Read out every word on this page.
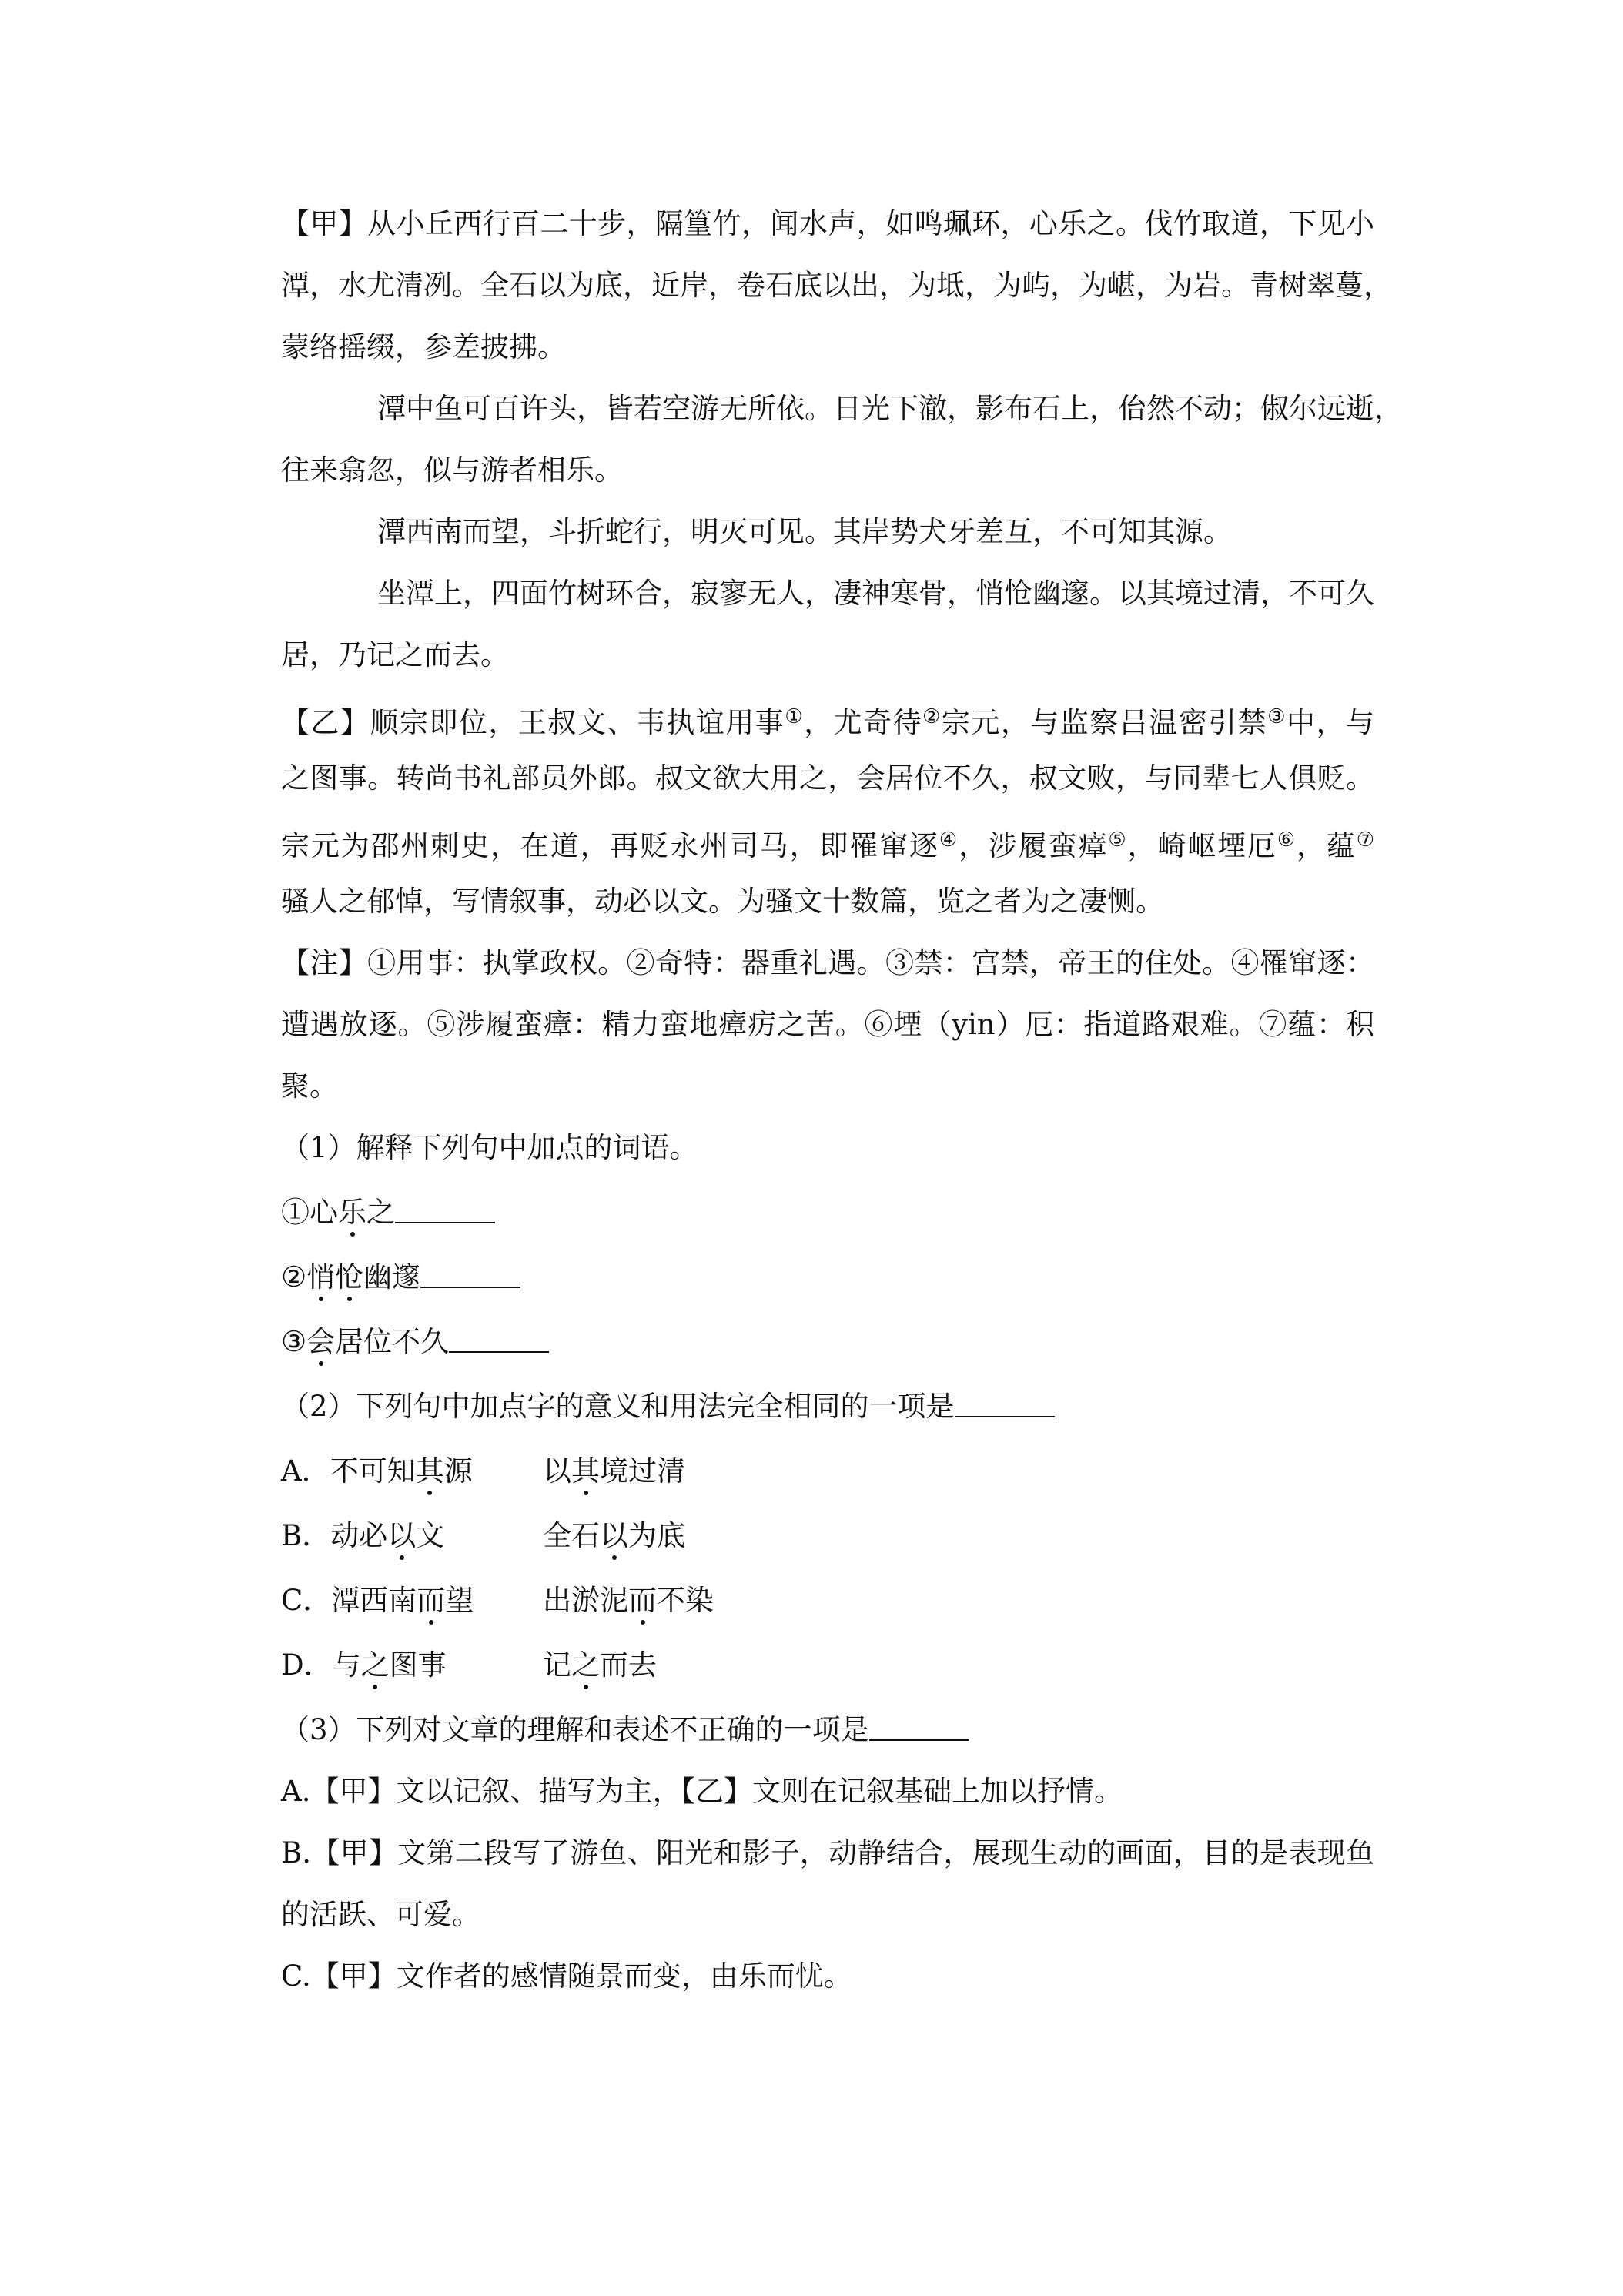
【甲】从小丘西行百二十步，隔篁竹，闻水声，如鸣珮环，心乐之。伐竹取道，下见小
潭，水尤清冽。全石以为底，近岸，卷石底以出，为坻，为屿，为嵁，为岩。青树翠蔓，
蒙络摇缀，参差披拂。
潭中鱼可百许头，皆若空游无所依。日光下澈，影布石上，佁然不动；俶尔远逝，
往来翕忽，似与游者相乐。
潭西南而望，斗折蛇行，明灭可见。其岸势犬牙差互，不可知其源。
坐潭上，四面竹树环合，寂寥无人，凄神寒骨，悄怆幽邃。以其境过清，不可久
居，乃记之而去。
【乙】顺宗即位，王叔文、韦执谊用事①，尤奇待②宗元，与监察吕温密引禁③中，与
之图事。转尚书礼部员外郎。叔文欲大用之，会居位不久，叔文败，与同辈七人俱贬。
宗元为邵州刺史，在道，再贬永州司马，即罹窜逐④，涉履蛮瘴⑤，崎岖堙厄⑥，蕴⑦
骚人之郁悼，写情叙事，动必以文。为骚文十数篇，览之者为之凄恻。
【注】①用事：执掌政权。②奇特：器重礼遇。③禁：宫禁，帝王的住处。④罹窜逐：
遭遇放逐。⑤涉履蛮瘴：精力蛮地瘴疠之苦。⑥堙（yin）厄：指道路艰难。⑦蕴：积
聚。
（1）解释下列句中加点的词语。
①心乐之
②悄怆幽邃
③会居位不久
（2）下列句中加点字的意义和用法完全相同的一项是
A．不可知其源 以其境过清
B．动必以文	全石以为底
C．潭西南而望 出淤泥而不染
D．与之图事	记之而去
（3）下列对文章的理解和表述不正确的一项是
A.【甲】文以记叙、描写为主，【乙】文则在记叙基础上加以抒情。
B.【甲】文第二段写了游鱼、阳光和影子，动静结合，展现生动的画面，目的是表现鱼
的活跃、可爱。
C.【甲】文作者的感情随景而变，由乐而忧。
